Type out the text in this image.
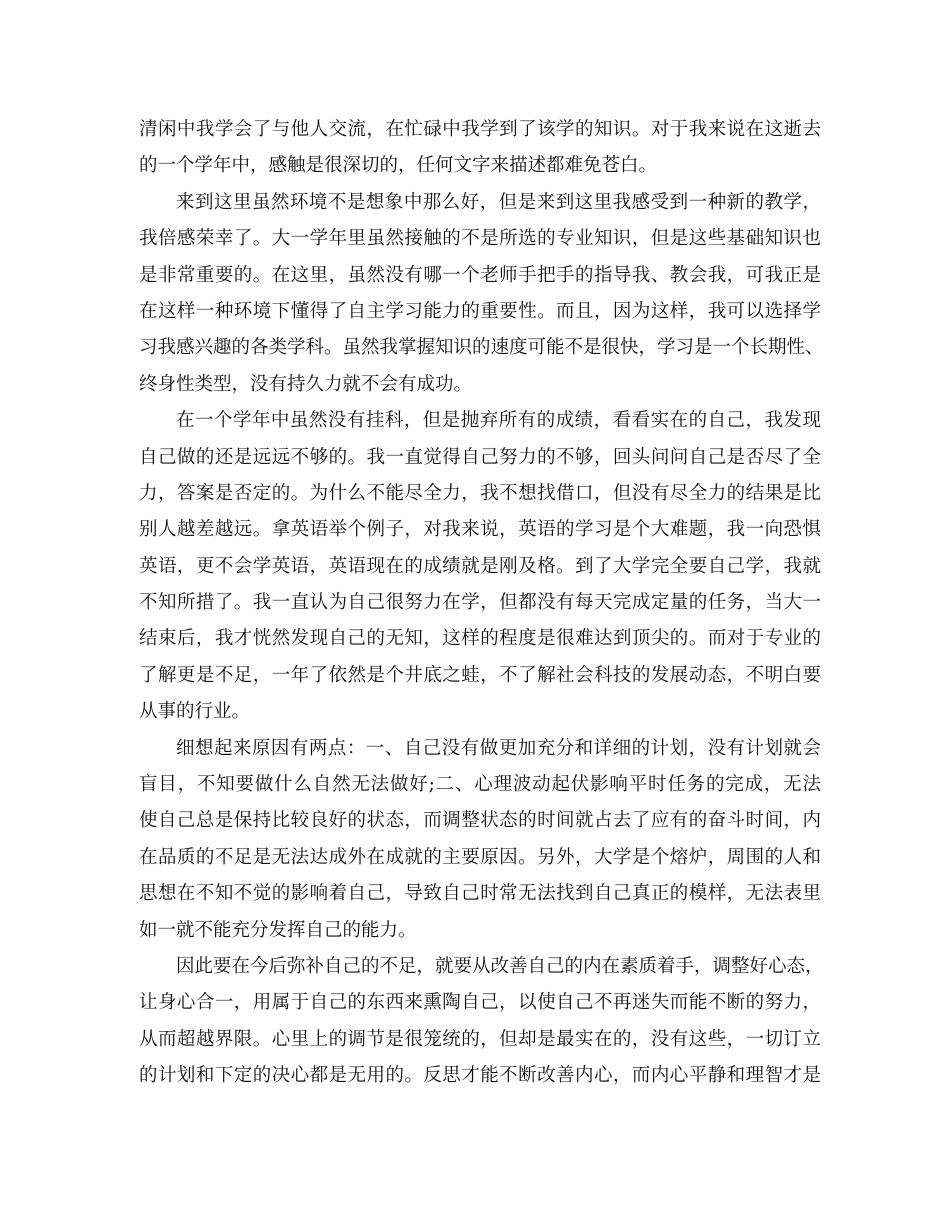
清闲中我学会了与他人交流，在忙碌中我学到了该学的知识。对于我来说在这逝去
的一个学年中，感触是很深切的，任何文字来描述都难免苍白。
来到这里虽然环境不是想象中那么好，但是来到这里我感受到一种新的教学，
我倍感荣幸了。大一学年里虽然接触的不是所选的专业知识，但是这些基础知识也
是非常重要的。在这里，虽然没有哪一个老师手把手的指导我、教会我，可我正是
在这样一种环境下懂得了自主学习能力的重要性。而且，因为这样，我可以选择学
习我感兴趣的各类学科。虽然我掌握知识的速度可能不是很快，学习是一个长期性、
终身性类型，没有持久力就不会有成功。
在一个学年中虽然没有挂科，但是抛弃所有的成绩，看看实在的自己，我发现
自己做的还是远远不够的。我一直觉得自己努力的不够，回头问问自己是否尽了全
力，答案是否定的。为什么不能尽全力，我不想找借口，但没有尽全力的结果是比
别人越差越远。拿英语举个例子，对我来说，英语的学习是个大难题，我一向恐惧
英语，更不会学英语，英语现在的成绩就是刚及格。到了大学完全要自己学，我就
不知所措了。我一直认为自己很努力在学，但都没有每天完成定量的任务，当大一
结束后，我才恍然发现自己的无知，这样的程度是很难达到顶尖的。而对于专业的
了解更是不足，一年了依然是个井底之蛙，不了解社会科技的发展动态，不明白要
从事的行业。
细想起来原因有两点：一、自己没有做更加充分和详细的计划，没有计划就会
盲目，不知要做什么自然无法做好;二、心理波动起伏影响平时任务的完成，无法
使自己总是保持比较良好的状态，而调整状态的时间就占去了应有的奋斗时间，内
在品质的不足是无法达成外在成就的主要原因。另外，大学是个熔炉，周围的人和
思想在不知不觉的影响着自己，导致自己时常无法找到自己真正的模样，无法表里
如一就不能充分发挥自己的能力。
因此要在今后弥补自己的不足，就要从改善自己的内在素质着手，调整好心态，
让身心合一，用属于自己的东西来熏陶自己，以使自己不再迷失而能不断的努力，
从而超越界限。心里上的调节是很笼统的，但却是最实在的，没有这些，一切订立
的计划和下定的决心都是无用的。反思才能不断改善内心，而内心平静和理智才是
